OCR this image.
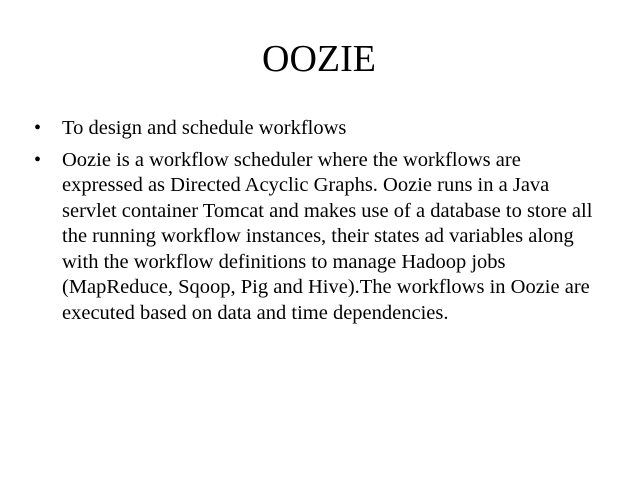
OOZIE
• To design and schedule workflows
• Oozie is a workflow scheduler where the workflows are expressed as Directed Acyclic Graphs. Oozie runs in a Java servlet container Tomcat and makes use of a database to store all the running workflow instances, their states ad variables along with the workflow definitions to manage Hadoop jobs (MapReduce, Sqoop, Pig and Hive).The workflows in Oozie are executed based on data and time dependencies.
